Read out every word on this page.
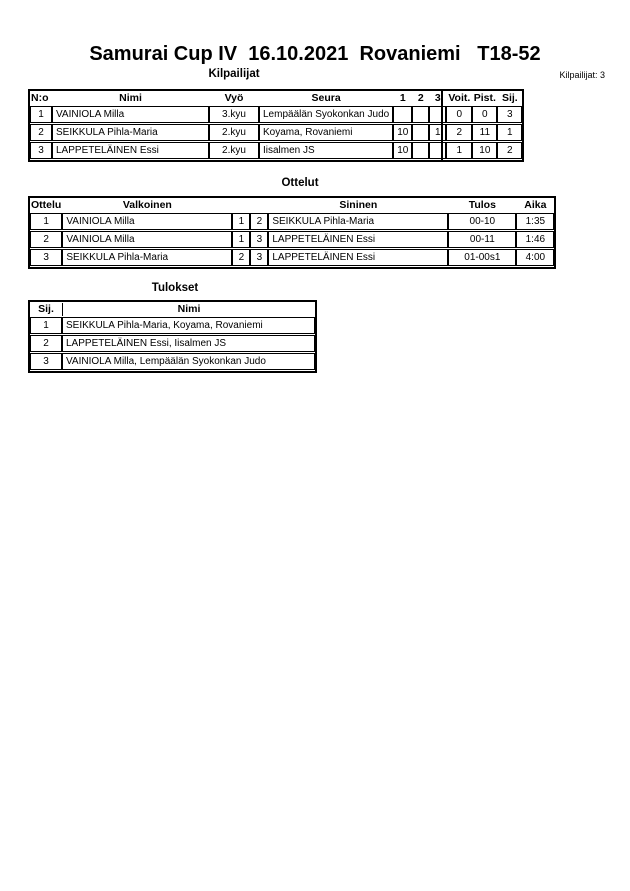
Samurai Cup IV  16.10.2021  Rovaniemi   T18-52
Kilpailijat	Kilpailijat: 3
N:o	Nimi	Vyö	Seura	1	2	3	Voit.	Pist.	Sij.
1	VAINIOLA Milla	3.kyu	Lempäälän Syokonkan Judo				0	0	3
2	SEIKKULA Pihla-Maria	2.kyu	Koyama, Rovaniemi	10		1	2	11	1
3	LAPPETELÄINEN Essi	2.kyu	Iisalmen JS	10			1	10	2
Ottelut
Ottelu	Valkoinen			Sininen	Tulos	Aika
1	VAINIOLA Milla	1	2	SEIKKULA Pihla-Maria	00-10	1:35
2	VAINIOLA Milla	1	3	LAPPETELÄINEN Essi	00-11	1:46
3	SEIKKULA Pihla-Maria	2	3	LAPPETELÄINEN Essi	01-00s1	4:00
Tulokset
Sij.	Nimi
1	SEIKKULA Pihla-Maria, Koyama, Rovaniemi
2	LAPPETELÄINEN Essi, Iisalmen JS
3	VAINIOLA Milla, Lempäälän Syokonkan Judo
